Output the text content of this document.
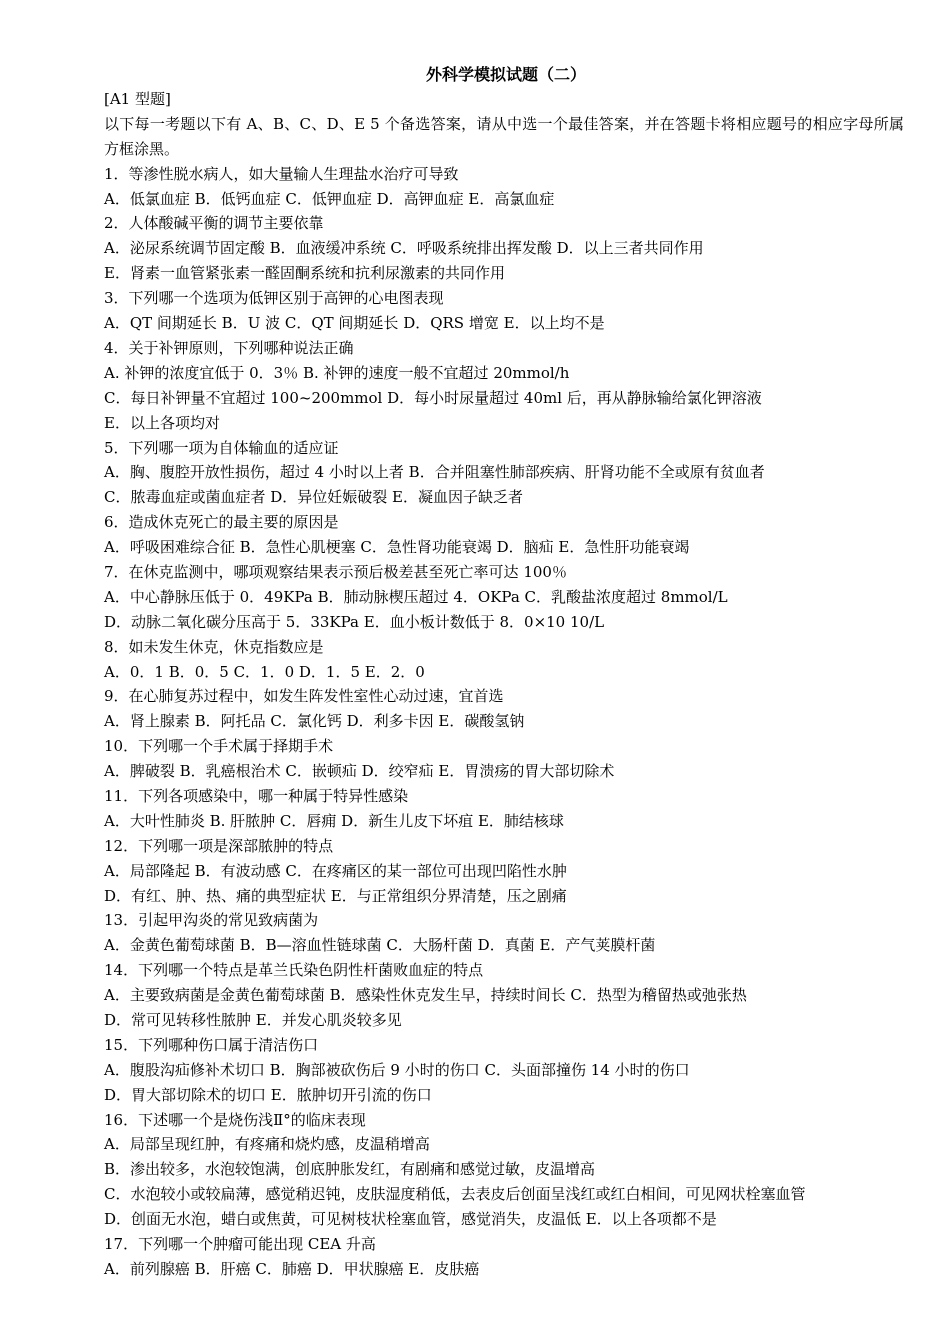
外科学模拟试题（二）

[A1 型题]

以下每一考题以下有 A、B、C、D、E 5 个备选答案，请从中选一个最佳答案，并在答题卡将相应题号的相应字母所属方框涂黑。

1．等渗性脱水病人，如大量输人生理盐水治疗可导致

A．低氯血症 B．低钙血症 C．低钾血症 D．高钾血症 E．高氯血症

2．人体酸碱平衡的调节主要依靠

A．泌尿系统调节固定酸 B．血液缓冲系统 C．呼吸系统排出挥发酸 D．以上三者共同作用

E．肾素一血管紧张素一醛固酮系统和抗利尿激素的共同作用

3．下列哪一个选项为低钾区别于高钾的心电图表现

A．QT 间期延长 B．U 波 C．QT 间期延长 D．QRS 增宽 E．以上均不是

4．关于补钾原则，下列哪种说法正确

A. 补钾的浓度宜低于 0．3％ B. 补钾的速度一般不宜超过 20mmol/h

C．每日补钾量不宜超过 100~200mmol D．每小时尿量超过 40ml 后，再从静脉输给氯化钾溶液

E．以上各项均对

5．下列哪一项为自体输血的适应证

A．胸、腹腔开放性损伤，超过 4 小时以上者 B．合并阻塞性肺部疾病、肝肾功能不全或原有贫血者

C．脓毒血症或菌血症者 D．异位妊娠破裂 E．凝血因子缺乏者

6．造成休克死亡的最主要的原因是

A．呼吸困难综合征 B．急性心肌梗塞 C．急性肾功能衰竭 D．脑疝 E．急性肝功能衰竭

7．在休克监测中，哪项观察结果表示预后极差甚至死亡率可达 100％

A．中心静脉压低于 0．49KPa B．肺动脉楔压超过 4．OKPa C．乳酸盐浓度超过 8mmol/L

D．动脉二氧化碳分压高于 5．33KPa E．血小板计数低于 8．0×10 10/L

8．如未发生休克，休克指数应是

A．0．1 B．0．5 C．1．0 D．1．5 E．2．0

9．在心肺复苏过程中，如发生阵发性室性心动过速，宜首选

A．肾上腺素 B．阿托品 C．氯化钙 D．利多卡因 E．碳酸氢钠

10．下列哪一个手术属于择期手术

A．脾破裂 B．乳癌根治术 C．嵌顿疝 D．绞窄疝 E．胃溃疡的胃大部切除术

11．下列各项感染中，哪一种属于特异性感染

A．大叶性肺炎 B. 肝脓肿 C．唇痈 D．新生儿皮下坏疽 E．肺结核球

12．下列哪一项是深部脓肿的特点

A．局部隆起 B．有波动感 C．在疼痛区的某一部位可出现凹陷性水肿

D．有红、肿、热、痛的典型症状 E．与正常组织分界清楚，压之剧痛

13．引起甲沟炎的常见致病菌为

A．金黄色葡萄球菌 B．B—溶血性链球菌 C．大肠杆菌 D．真菌 E．产气荚膜杆菌

14．下列哪一个特点是革兰氏染色阴性杆菌败血症的特点

A．主要致病菌是金黄色葡萄球菌 B．感染性休克发生早，持续时间长 C．热型为稽留热或弛张热

D．常可见转移性脓肿 E．并发心肌炎较多见

15．下列哪种伤口属于清洁伤口

A．腹股沟疝修补术切口 B．胸部被砍伤后 9 小时的伤口 C．头面部撞伤 14 小时的伤口

D．胃大部切除术的切口 E．脓肿切开引流的伤口

16．下述哪一个是烧伤浅Ⅱ°的临床表现

A．局部呈现红肿，有疼痛和烧灼感，皮温稍增高

B．渗出较多，水泡较饱满，创底肿胀发红，有剧痛和感觉过敏，皮温增高

C．水泡较小或较扁薄，感觉稍迟钝，皮肤湿度稍低，去表皮后创面呈浅红或红白相间，可见网状栓塞血管

D．创面无水泡，蜡白或焦黄，可见树枝状栓塞血管，感觉消失，皮温低 E．以上各项都不是

17．下列哪一个肿瘤可能出现 CEA 升高

A．前列腺癌 B．肝癌 C．肺癌 D．甲状腺癌 E．皮肤癌
